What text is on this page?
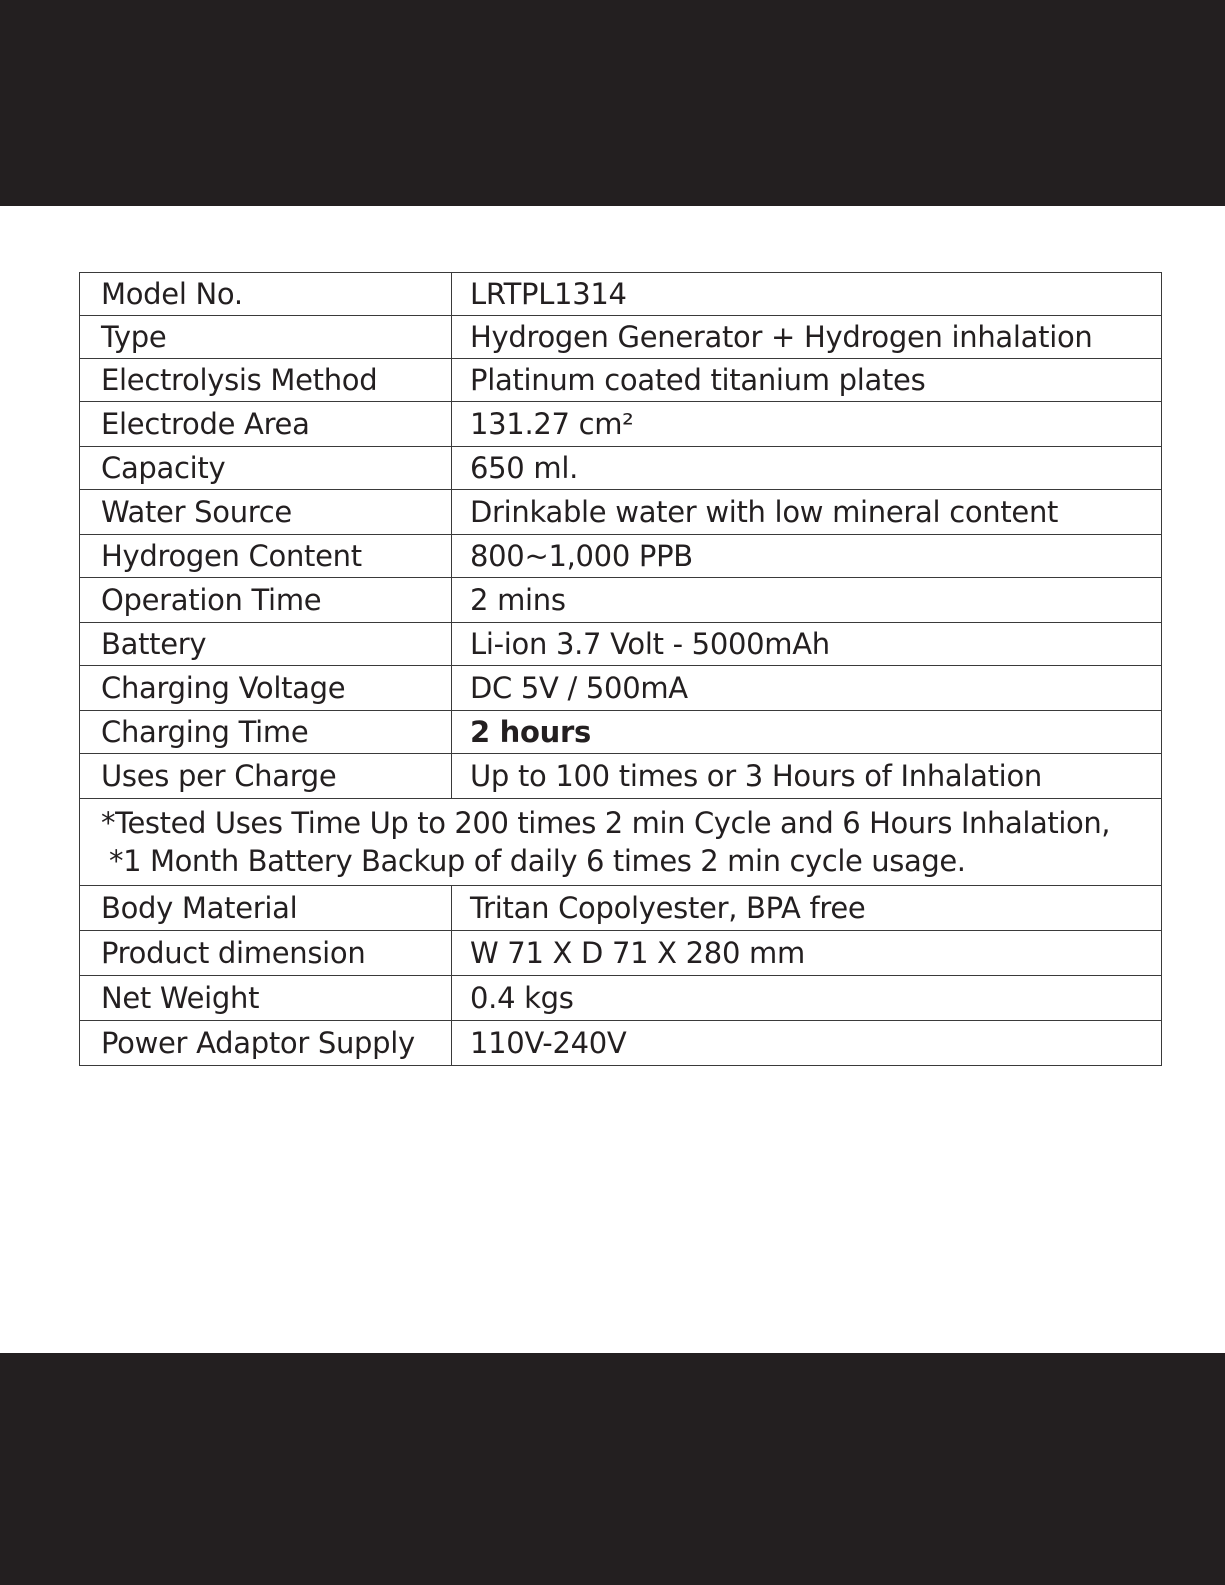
Model No.	LRTPL1314
Type	Hydrogen Generator + Hydrogen inhalation
Electrolysis Method	Platinum coated titanium plates
Electrode Area	131.27 cm²
Capacity	650 ml.
Water Source	Drinkable water with low mineral content
Hydrogen Content	800~1,000 PPB
Operation Time	2 mins
Battery	Li-ion 3.7 Volt - 5000mAh
Charging Voltage	DC 5V / 500mA
Charging Time	2 hours
Uses per Charge	Up to 100 times or 3 Hours of Inhalation

*Tested Uses Time Up to 200 times 2 min Cycle and 6 Hours Inhalation,
*1 Month Battery Backup of daily 6 times 2 min cycle usage.	

Body Material	Tritan Copolyester, BPA free
Product dimension	W 71 X D 71 X 280 mm
Net Weight	0.4 kgs
Power Adaptor Supply	110V-240V
